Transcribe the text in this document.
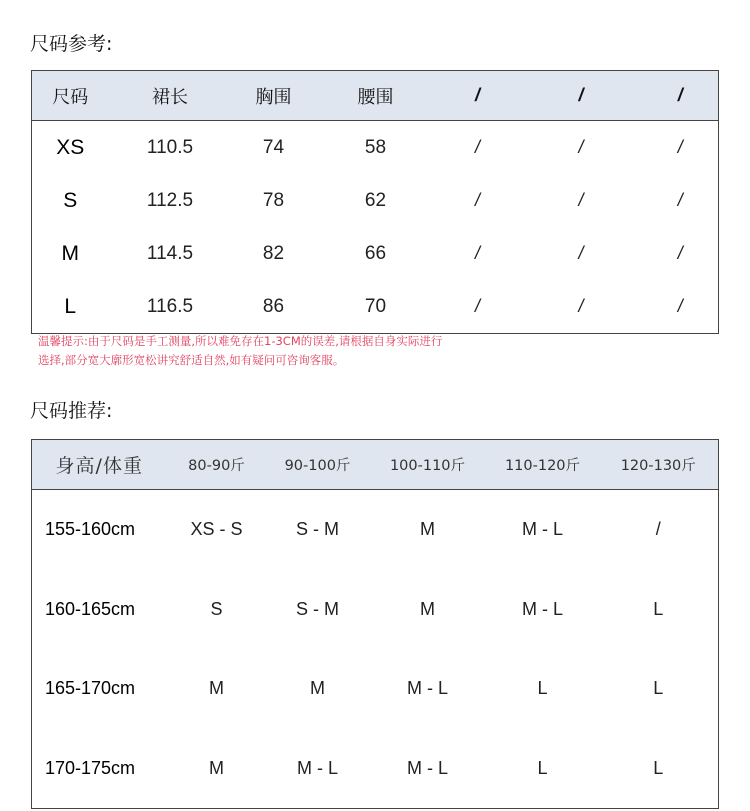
尺码参考:
尺码	裙长	胸围	腰围	/	/	/
XS	110.5	74	58	/	/	/
S	112.5	78	62	/	/	/
M	114.5	82	66	/	/	/
L	116.5	86	70	/	/	/
温馨提示:由于尺码是手工测量,所以难免存在1-3CM的误差,请根据自身实际进行
选择,部分宽大廓形宽松讲究舒适自然,如有疑问可咨询客服。
尺码推荐:
身高/体重	80-90斤	90-100斤	100-110斤	110-120斤	120-130斤
155-160cm	XS - S	S - M	M	M - L	/
160-165cm	S	S - M	M	M - L	L
165-170cm	M	M	M - L	L	L
170-175cm	M	M - L	M - L	L	L
